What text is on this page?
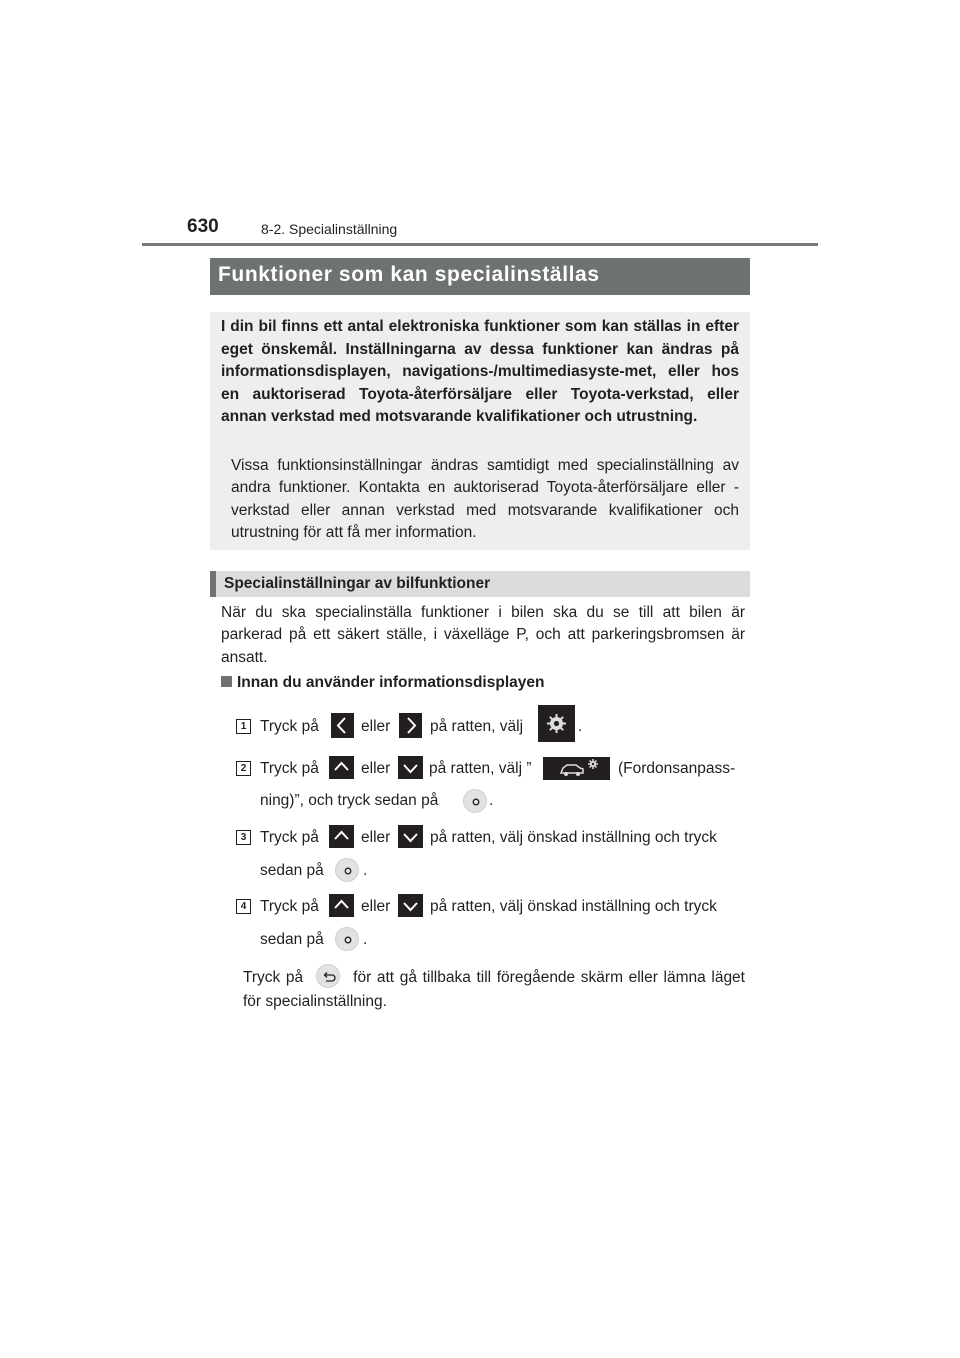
630	8-2. Specialinställning
Funktioner som kan specialinställas
I din bil finns ett antal elektroniska funktioner som kan ställas in efter eget önskemål. Inställningarna av dessa funktioner kan ändras på informationsdisplayen, navigations-/multimediasyste-met, eller hos en auktoriserad Toyota-återförsäljare eller Toyota-verkstad, eller annan verkstad med motsvarande kvalifikationer och utrustning.
Vissa funktionsinställningar ändras samtidigt med specialinställning av andra funktioner. Kontakta en auktoriserad Toyota-återförsäljare eller -verkstad eller annan verkstad med motsvarande kvalifikationer och utrustning för att få mer information.
Specialinställningar av bilfunktioner
När du ska specialinställa funktioner i bilen ska du se till att bilen är parkerad på ett säkert ställe, i växelläge P, och att parkeringsbromsen är ansatt.
Innan du använder informationsdisplayen
1 Tryck på	eller	på ratten, välj	.
2 Tryck på	eller på ratten, välj ”	(Fordonsanpass-
ning)”, och tryck sedan på	.
3 Tryck på	eller	på ratten, välj önskad inställning och tryck
sedan på	.
4 Tryck på	eller	på ratten, välj önskad inställning och tryck
sedan på	.
Tryck på	för att gå tillbaka till föregående skärm eller lämna läget för specialinställning.
